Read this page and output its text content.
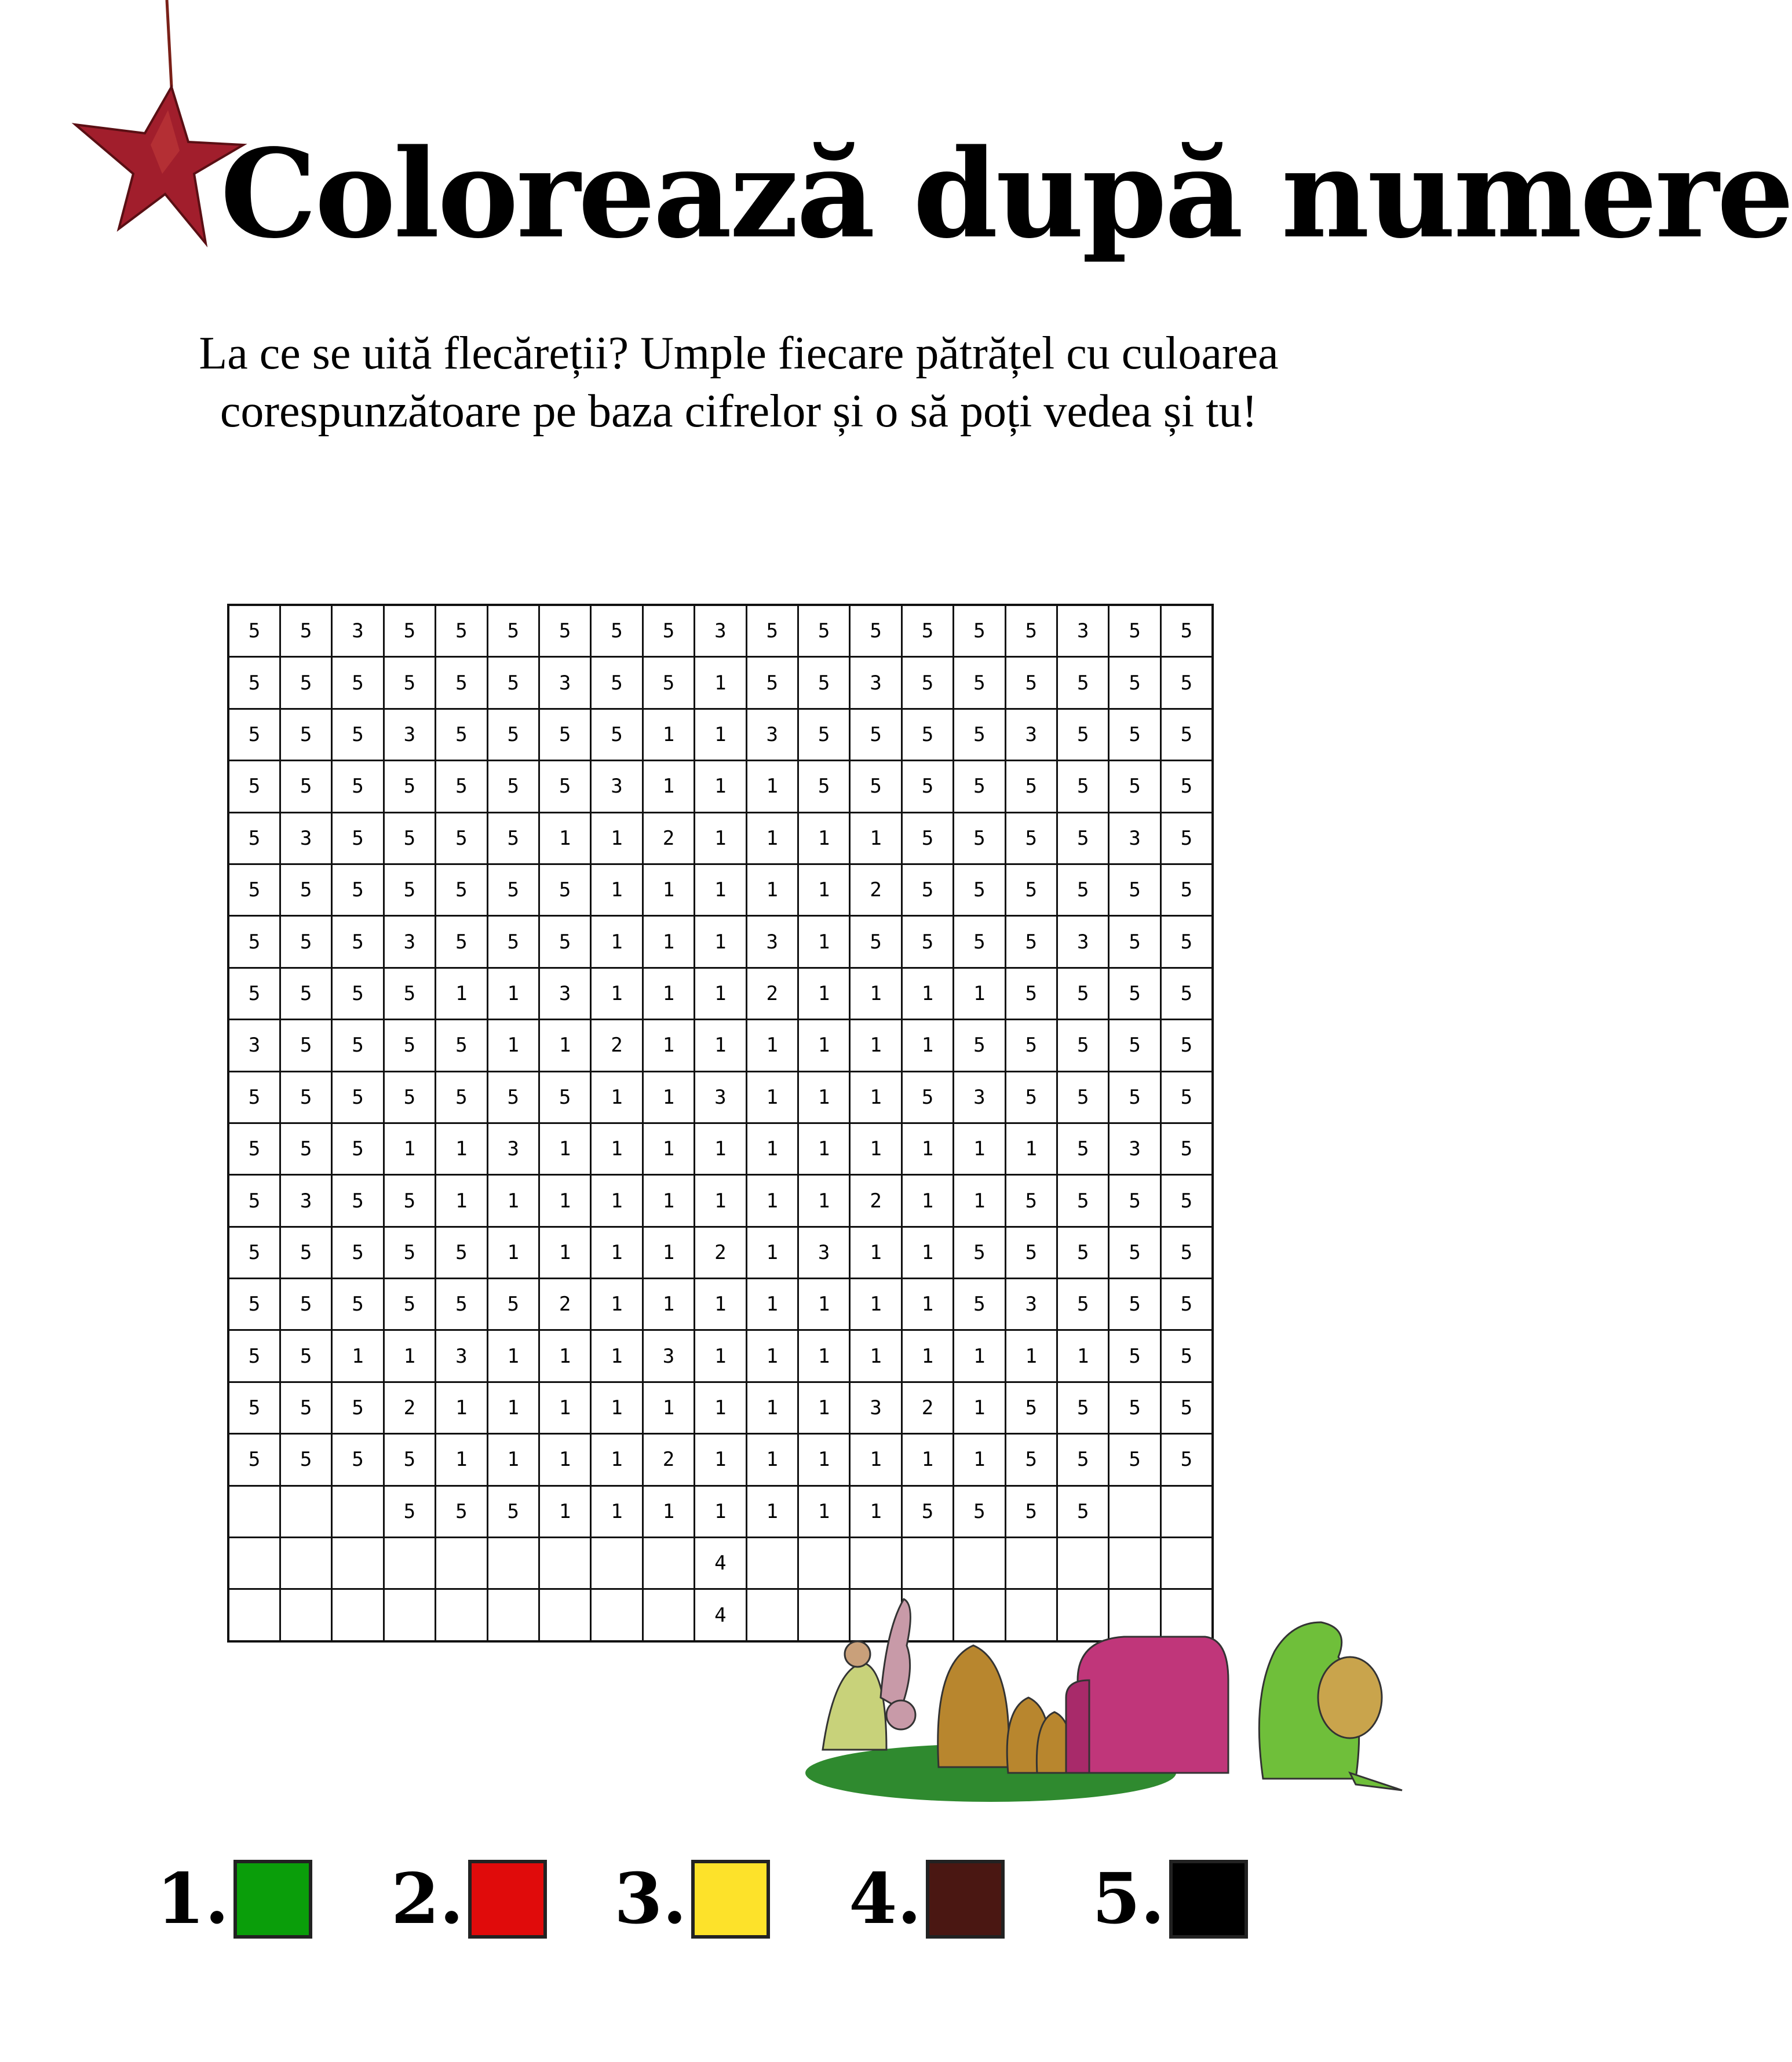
Colorează după numere
La ce se uită flecăreții? Umple fiecare pătrățel cu culoarea
corespunzătoare pe baza cifrelor și o să poți vedea și tu!
5	5	3	5	5	5	5	5	5	3	5	5	5	5	5	5	3	5	5
5	5	5	5	5	5	3	5	5	1	5	5	3	5	5	5	5	5	5
5	5	5	3	5	5	5	5	1	1	3	5	5	5	5	3	5	5	5
5	5	5	5	5	5	5	3	1	1	1	5	5	5	5	5	5	5	5
5	3	5	5	5	5	1	1	2	1	1	1	1	5	5	5	5	3	5
5	5	5	5	5	5	5	1	1	1	1	1	2	5	5	5	5	5	5
5	5	5	3	5	5	5	1	1	1	3	1	5	5	5	5	3	5	5
5	5	5	5	1	1	3	1	1	1	2	1	1	1	1	5	5	5	5
3	5	5	5	5	1	1	2	1	1	1	1	1	1	5	5	5	5	5
5	5	5	5	5	5	5	1	1	3	1	1	1	5	3	5	5	5	5
5	5	5	1	1	3	1	1	1	1	1	1	1	1	1	1	5	3	5
5	3	5	5	1	1	1	1	1	1	1	1	2	1	1	5	5	5	5
5	5	5	5	5	1	1	1	1	2	1	3	1	1	5	5	5	5	5
5	5	5	5	5	5	2	1	1	1	1	1	1	1	5	3	5	5	5
5	5	1	1	3	1	1	1	3	1	1	1	1	1	1	1	1	5	5
5	5	5	2	1	1	1	1	1	1	1	1	3	2	1	5	5	5	5
5	5	5	5	1	1	1	1	2	1	1	1	1	1	1	5	5	5	5
			5	5	5	1	1	1	1	1	1	1	5	5	5	5		
									4									
									4									
1. 2. 3. 4. 5.
